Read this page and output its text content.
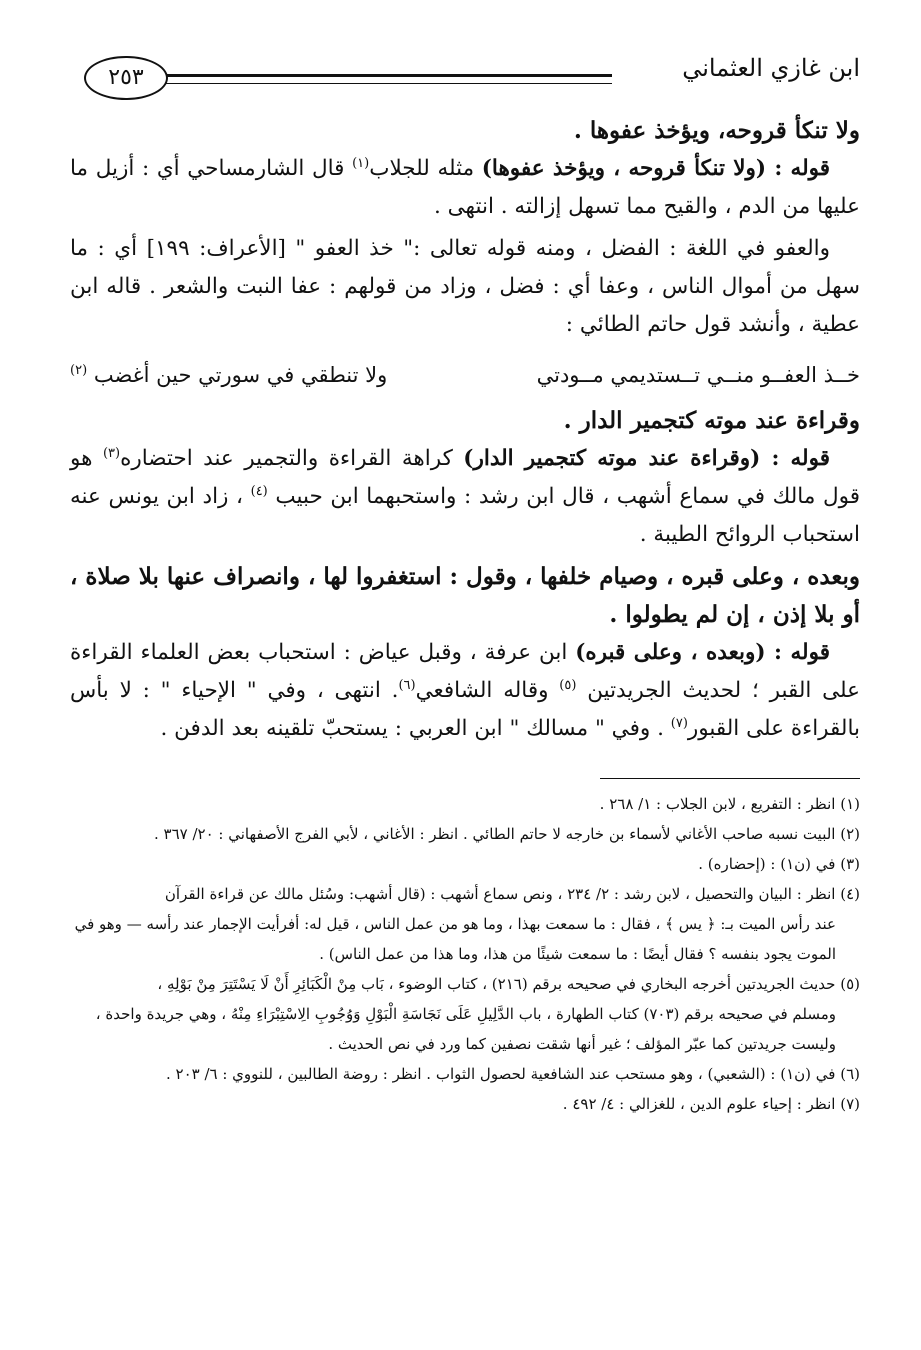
ابن غازي العثماني
٢٥٣

ولا تنكأ قروحه، ويؤخذ عفوها .

قوله : (ولا تنكأ قروحه ، ويؤخذ عفوها) مثله للجلاب$^{(١)}$ قال الشارمساحي أي : أزيل ما عليها من الدم ، والقيح مما تسهل إزالته . انتهى .

والعفو في اللغة : الفضل ، ومنه قوله تعالى :" خذ العفو " [الأعراف: ١٩٩] أي : ما سهل من أموال الناس ، وعفا أي : فضل ، وزاد من قولهم : عفا النبت والشعر . قاله ابن عطية ، وأنشد قول حاتم الطائي :

خــذ العفــو منــي تــستديمي مــودتي
ولا تنطقي في سورتي حين أغضب $^{(٢)}$

وقراءة عند موته كتجمير الدار .

قوله : (وقراءة عند موته كتجمير الدار) كراهة القراءة والتجمير عند احتضاره$^{(٣)}$ هو قول مالك في سماع أشهب ، قال ابن رشد : واستحبهما ابن حبيب $^{(٤)}$ ، زاد ابن يونس عنه استحباب الروائح الطيبة .

وبعده ، وعلى قبره ، وصيام خلفها ، وقول : استغفروا لها ، وانصراف عنها بلا صلاة ، أو بلا إذن ، إن لم يطولوا .

قوله : (وبعده ، وعلى قبره) ابن عرفة ، وقبل عياض : استحباب بعض العلماء القراءة على القبر ؛ لحديث الجريدتين $^{(٥)}$ وقاله الشافعي$^{(٦)}$. انتهى ، وفي " الإحياء " : لا بأس بالقراءة على القبور$^{(٧)}$ . وفي " مسالك " ابن العربي : يستحبّ تلقينه بعد الدفن .

(١) انظر : التفريع ، لابن الجلاب : ١/ ٢٦٨ .

(٢) البيت نسبه صاحب الأغاني لأسماء بن خارجه لا حاتم الطائي . انظر : الأغاني ، لأبي الفرج الأصفهاني : ٢٠/ ٣٦٧ .

(٣) في (ن١) : (إحضاره) .

(٤) انظر : البيان والتحصيل ، لابن رشد : ٢/ ٢٣٤ ، ونص سماع أشهب : (قال أشهب: وسُئل مالك عن قراءة القرآن
عند رأس الميت بـ: ﴿ يس ﴾ ، فقال : ما سمعت بهذا ، وما هو من عمل الناس ، قيل له: أفرأيت الإجمار عند رأسه — وهو في الموت يجود بنفسه ؟ فقال أيضًا : ما سمعت شيئًا من هذا، وما هذا من عمل الناس) .

(٥) حديث الجريدتين أخرجه البخاري في صحيحه برقم (٢١٦) ، كتاب الوضوء ، بَاب مِنْ الْكَبَائِرِ أَنْ لَا يَسْتَتِرَ مِنْ بَوْلِهِ ،
ومسلم في صحيحه برقم (٧٠٣) كتاب الطهارة ، باب الدَّلِيلِ عَلَى نَجَاسَةِ الْبَوْلِ وَوُجُوبِ الِاسْتِبْرَاءِ مِنْهُ ، وهي جريدة واحدة ، وليست جريدتين كما عبّر المؤلف ؛ غير أنها شقت نصفين كما ورد في نص الحديث .

(٦) في (ن١) : (الشعبي) ، وهو مستحب عند الشافعية لحصول الثواب . انظر : روضة الطالبين ، للنووي : ٦/ ٢٠٣ .

(٧) انظر : إحياء علوم الدين ، للغزالي : ٤/ ٤٩٢ .
